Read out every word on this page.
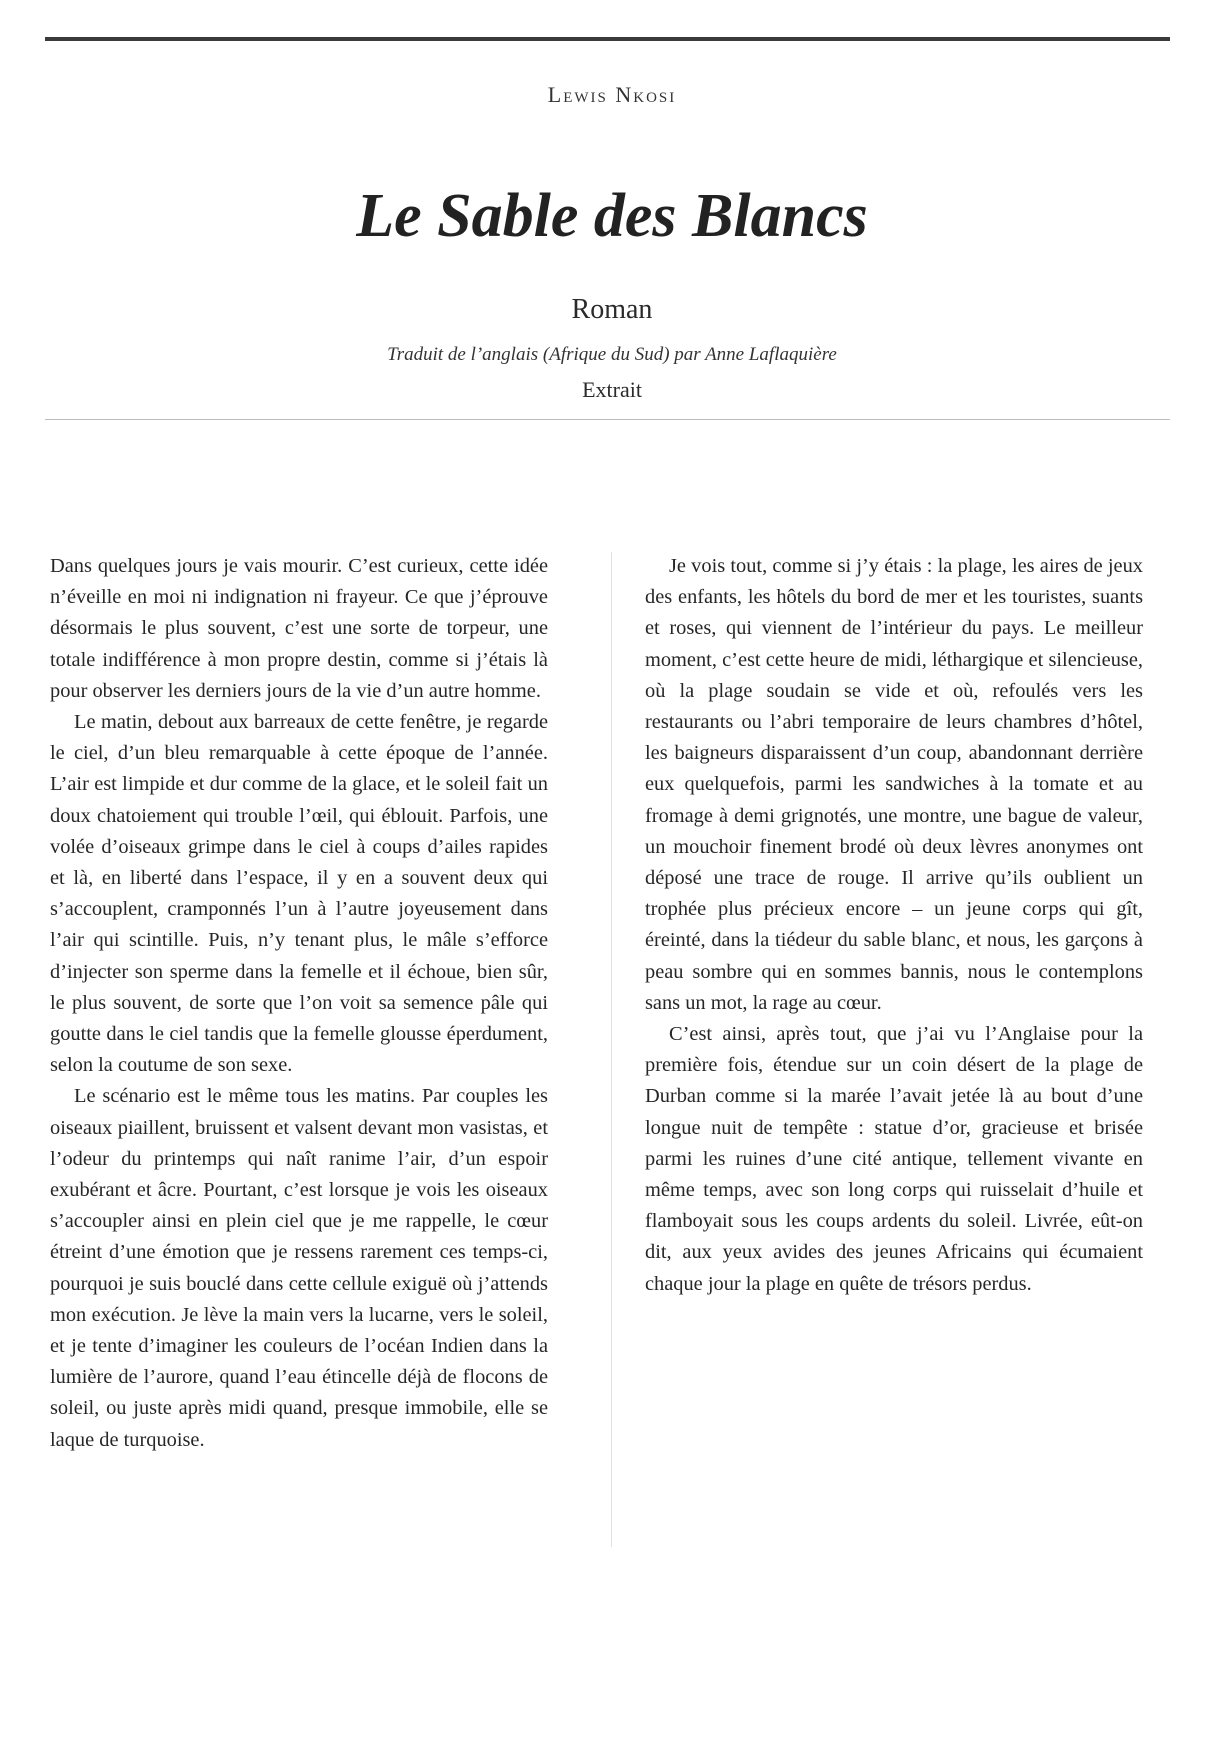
Lewis Nkosi
Le Sable des Blancs
Roman
Traduit de l’anglais (Afrique du Sud) par Anne Laflaquière
Extrait

Dans quelques jours je vais mourir. C’est curieux, cette idée n’éveille en moi ni indignation ni frayeur. Ce que j’éprouve désormais le plus souvent, c’est une sorte de torpeur, une totale indifférence à mon propre destin, comme si j’étais là pour observer les derniers jours de la vie d’un autre homme.

Le matin, debout aux barreaux de cette fenêtre, je regarde le ciel, d’un bleu remarquable à cette époque de l’année. L’air est limpide et dur comme de la glace, et le soleil fait un doux chatoiement qui trouble l’œil, qui éblouit. Parfois, une volée d’oiseaux grimpe dans le ciel à coups d’ailes rapides et là, en liberté dans l’espace, il y en a souvent deux qui s’accouplent, cramponnés l’un à l’autre joyeusement dans l’air qui scintille. Puis, n’y tenant plus, le mâle s’efforce d’injecter son sperme dans la femelle et il échoue, bien sûr, le plus souvent, de sorte que l’on voit sa semence pâle qui goutte dans le ciel tandis que la femelle glousse éperdument, selon la coutume de son sexe.

Le scénario est le même tous les matins. Par couples les oiseaux piaillent, bruissent et valsent devant mon vasistas, et l’odeur du printemps qui naît ranime l’air, d’un espoir exubérant et âcre. Pourtant, c’est lorsque je vois les oiseaux s’accoupler ainsi en plein ciel que je me rappelle, le cœur étreint d’une émotion que je ressens rarement ces temps-ci, pourquoi je suis bouclé dans cette cellule exiguë où j’attends mon exécution. Je lève la main vers la lucarne, vers le soleil, et je tente d’imaginer les couleurs de l’océan Indien dans la lumière de l’aurore, quand l’eau étincelle déjà de flocons de soleil, ou juste après midi quand, presque immobile, elle se laque de turquoise.

Je vois tout, comme si j’y étais : la plage, les aires de jeux des enfants, les hôtels du bord de mer et les touristes, suants et roses, qui viennent de l’intérieur du pays. Le meilleur moment, c’est cette heure de midi, léthargique et silencieuse, où la plage soudain se vide et où, refoulés vers les restaurants ou l’abri temporaire de leurs chambres d’hôtel, les baigneurs disparaissent d’un coup, abandonnant derrière eux quelquefois, parmi les sandwiches à la tomate et au fromage à demi grignotés, une montre, une bague de valeur, un mouchoir finement brodé où deux lèvres anonymes ont déposé une trace de rouge. Il arrive qu’ils oublient un trophée plus précieux encore – un jeune corps qui gît, éreinté, dans la tiédeur du sable blanc, et nous, les garçons à peau sombre qui en sommes bannis, nous le contemplons sans un mot, la rage au cœur.

C’est ainsi, après tout, que j’ai vu l’Anglaise pour la première fois, étendue sur un coin désert de la plage de Durban comme si la marée l’avait jetée là au bout d’une longue nuit de tempête : statue d’or, gracieuse et brisée parmi les ruines d’une cité antique, tellement vivante en même temps, avec son long corps qui ruisselait d’huile et flamboyait sous les coups ardents du soleil. Livrée, eût-on dit, aux yeux avides des jeunes Africains qui écumaient chaque jour la plage en quête de trésors perdus.
